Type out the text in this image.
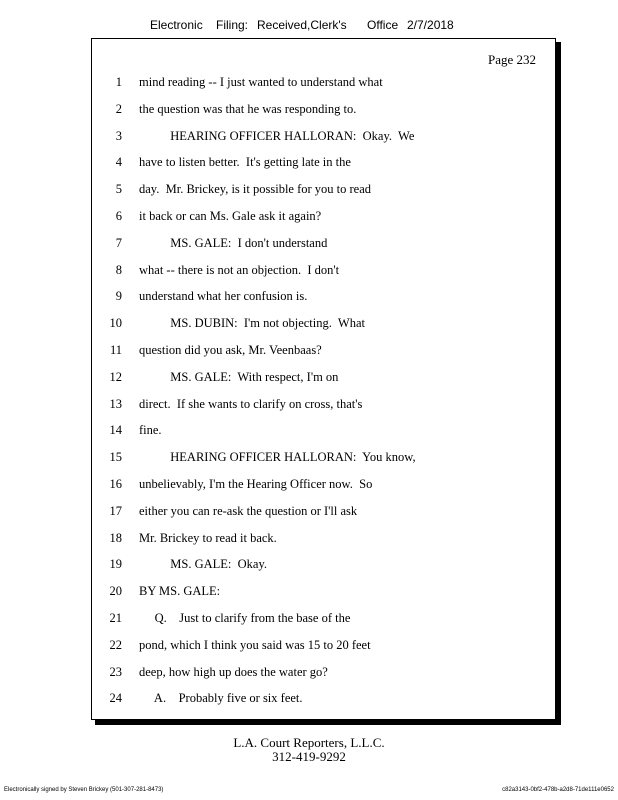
Electronic Filing: Received,Clerk's Office 2/7/2018
Page 232
1 mind reading -- I just wanted to understand what
2 the question was that he was responding to.
3 HEARING OFFICER HALLORAN:  Okay.  We
4 have to listen better.  It's getting late in the
5 day.  Mr. Brickey, is it possible for you to read
6 it back or can Ms. Gale ask it again?
7 MS. GALE:  I don't understand
8 what -- there is not an objection.  I don't
9 understand what her confusion is.
10 MS. DUBIN:  I'm not objecting.  What
11 question did you ask, Mr. Veenbaas?
12 MS. GALE:  With respect, I'm on
13 direct.  If she wants to clarify on cross, that's
14 fine.
15 HEARING OFFICER HALLORAN:  You know,
16 unbelievably, I'm the Hearing Officer now.  So
17 either you can re-ask the question or I'll ask
18 Mr. Brickey to read it back.
19 MS. GALE:  Okay.
20 BY MS. GALE:
21 Q.    Just to clarify from the base of the
22 pond, which I think you said was 15 to 20 feet
23 deep, how high up does the water go?
24 A.    Probably five or six feet.
L.A. Court Reporters, L.L.C.
312-419-9292
Electronically signed by Steven Brickey (501-307-281-8473)	c82a3143-0bf2-478b-a2d8-71de111e0652
